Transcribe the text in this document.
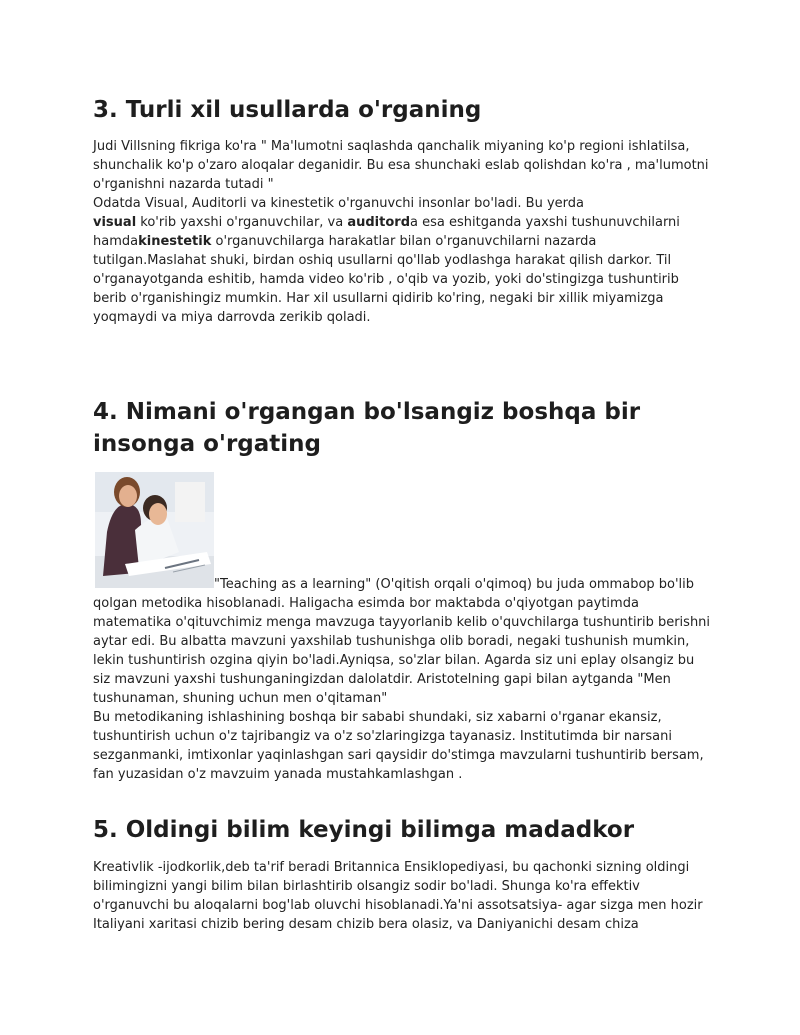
3. Turli xil usullarda o'rganing

Judi Villsning fikriga ko'ra " Ma'lumotni saqlashda qanchalik miyaning ko'p regioni ishlatilsa, shunchalik ko'p o'zaro aloqalar deganidir. Bu esa shunchaki eslab qolishdan ko'ra , ma'lumotni o'rganishni nazarda tutadi "

Odatda Visual, Auditorli va kinestetik o'rganuvchi insonlar bo'ladi. Bu yerda
visual ko'rib yaxshi o'rganuvchilar, va auditorda esa eshitganda yaxshi tushunuvchilarni hamdakinestetik o'rganuvchilarga harakatlar bilan o'rganuvchilarni nazarda tutilgan.Maslahat shuki, birdan oshiq usullarni qo'llab yodlashga harakat qilish darkor. Til o'rganayotganda eshitib, hamda video ko'rib , o'qib va yozib, yoki do'stingizga tushuntirib berib o'rganishingiz mumkin. Har xil usullarni qidirib ko'ring, negaki bir xillik miyamizga yoqmaydi va miya darrovda zerikib qoladi.

4. Nimani o'rgangan bo'lsangiz boshqa bir insonga o'rgating

"Teaching as a learning" (O'qitish orqali o'qimoq) bu juda ommabop bo'lib qolgan metodika hisoblanadi. Haligacha esimda bor maktabda o'qiyotgan paytimda matematika o'qituvchimiz menga mavzuga tayyorlanib kelib o'quvchilarga tushuntirib berishni aytar edi. Bu albatta mavzuni yaxshilab tushunishga olib boradi, negaki tushunish mumkin, lekin tushuntirish ozgina qiyin bo'ladi.Ayniqsa, so'zlar bilan. Agarda siz uni eplay olsangiz bu siz mavzuni yaxshi tushunganingizdan dalolatdir. Aristotelning gapi bilan aytganda "Men tushunaman, shuning uchun men o'qitaman"

Bu metodikaning ishlashining boshqa bir sababi shundaki, siz xabarni o'rganar ekansiz, tushuntirish uchun o'z tajribangiz va o'z so'zlaringizga tayanasiz. Institutimda bir narsani sezganmanki, imtixonlar yaqinlashgan sari qaysidir do'stimga mavzularni tushuntirib bersam, fan yuzasidan o'z mavzuim yanada mustahkamlashgan .

5. Oldingi bilim keyingi bilimga madadkor

Kreativlik -ijodkorlik,deb ta'rif beradi Britannica Ensiklopediyasi, bu qachonki sizning oldingi bilimingizni yangi bilim bilan birlashtirib olsangiz sodir bo'ladi. Shunga ko'ra effektiv o'rganuvchi bu aloqalarni bog'lab oluvchi hisoblanadi.Ya'ni assotsatsiya- agar sizga men hozir Italiyani xaritasi chizib bering desam chizib bera olasiz, va Daniyanichi desam chiza
